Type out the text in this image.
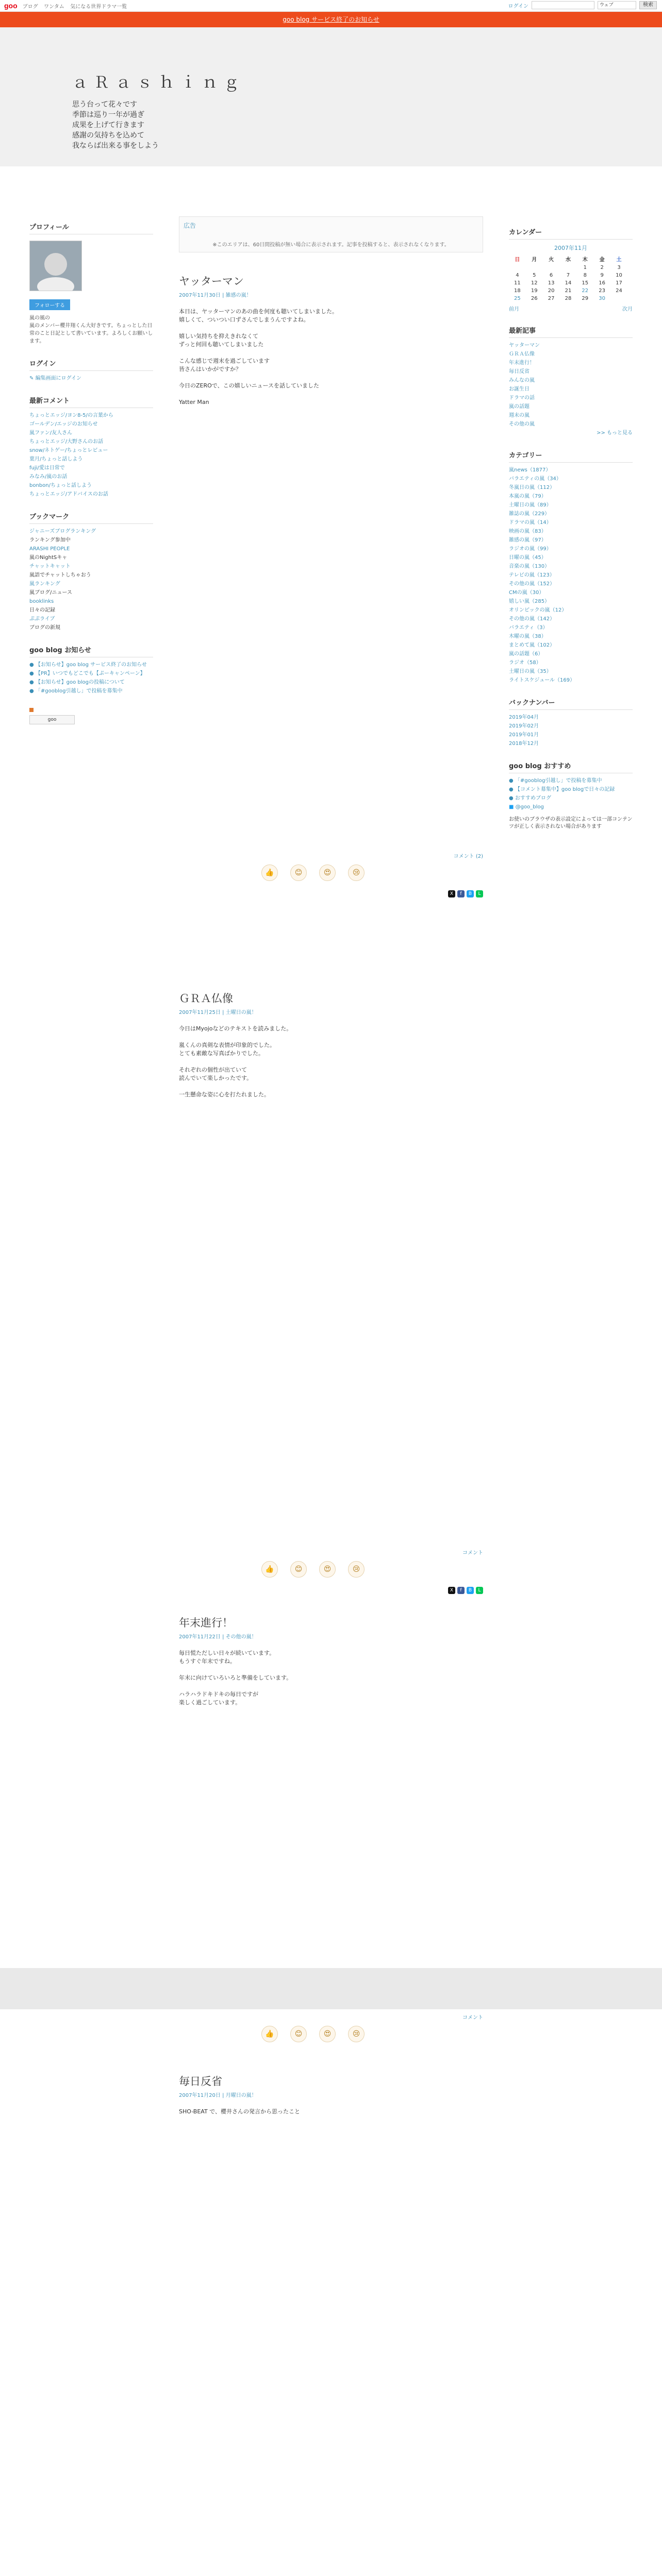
goo ブログ ワンタム 気になる世界ドラマ一覧	ログイン	ウェブ	検索
goo blog サービス終了のお知らせ
ａＲａｓｈｉｎｇ
思う台って花々です
季節は巡り一年が過ぎ
成果を上げて行きます
感謝の気持ちを込めて
我ならば出来る事をしよう
プロフィール
フォローする
嵐の風の
嵐のメンバー櫻井翔くん大好きです。ちょっとした日常のこと日記として書いています。よろしくお願いします。
ログイン
✎ 編集画面にログイン
最新コメント
ちょっとエッジ/ヨン8-5/の言葉から
ゴールデン/エッジのお知らせ
嵐ファン/友人さん
ちょっとエッジ/大野さんのお話
snow/ネトゲー/ちょっとレビュー
葉月/ちょっと話しよう
fuji/愛は日常で
みなみ/嵐のお話
bonbon/ちょっと話しよう
ちょっとエッジ/アドバイスのお話
ブックマーク
ジャニーズブログランキング
ランキング参加中
ARASHI PEOPLE
嵐のNightSキャ
チャットキャット
嵐語でチャットしちゃおう
嵐ランキング
嵐ブログ/ニュース
booklinks
日々の記録
ぷぷライブ
ブログの新規
goo blog お知らせ
● 【お知らせ】goo blog サービス終了のお知らせ
● 【PR】いつでもどこでも【ぷーキャンペーン】
● 【お知らせ】goo blogの投稿について
● 「#gooblog引越し」で投稿を募集中
goo
広告
※このエリアは、60日間投稿が無い場合に表示されます。記事を投稿すると、表示されなくなります。
ヤッターマン
2007年11月30日 | 雑感の嵐！

本日は、ヤッターマンのあの曲を何度も聴いてしまいました。
嬉しくて、ついつい口ずさんでしまうんですよね。

嬉しい気持ちを抑えきれなくて
ずっと何回も聴いてしまいました

こんな感じで週末を過ごしています
皆さんはいかがですか？

今日のZEROで、この嬉しいニュースを話していました

Yatter Man

コメント (2)
👍	😊	😍	😢
X	f	B	L
ＧＲＡ仏像
2007年11月25日 | 土曜日の嵐！

今日はMyojoなどのテキストを読みました。

嵐くんの真剣な表情が印象的でした。
とても素敵な写真ばかりでした。

それぞれの個性が出ていて
読んでいて楽しかったです。

一生懸命な姿に心を打たれました。

コメント
👍	😊	😍	😢
X	f	B	L
年末進行！
2007年11月22日 | その他の嵐！

毎日慌ただしい日々が続いています。
もうすぐ年末ですね。

年末に向けていろいろと準備をしています。

ハラハラドキドキの毎日ですが
楽しく過ごしています。

コメント
👍	😊	😍	😢
毎日反省
2007年11月20日 | 月曜日の嵐！

SHO-BEAT で、櫻井さんの発言から思ったこと

カレンダー
2007年11月
日	月	火	水	木	金	土
				1	2	3
4	5	6	7	8	9	10
11	12	13	14	15	16	17
18	19	20	21	22	23	24
25	26	27	28	29	30	
前月	次月
最新記事
ヤッターマン
ＧＲＡ仏像
年末進行！
毎日反省
みんなの嵐
お誕生日
ドラマの話
嵐の話題
週末の嵐
その他の嵐
>> もっと見る
カテゴリー
嵐news（1877）
バラエティの嵐（34）
冬嵐日の嵐（112）
本嵐の嵐（79）
土曜日の嵐（89）
雑誌の嵐（229）
ドラマの嵐（14）
映画の嵐（83）
雑感の嵐（97）
ラジオの嵐（99）
日曜の嵐（45）
音楽の嵐（130）
テレビの嵐（123）
その他の嵐（152）
CMの嵐（30）
嬉しい嵐（285）
オリンピックの嵐（12）
その他の嵐（142）
バラエティ（3）
木曜の嵐（38）
まとめて嵐（102）
嵐の話題（6）
ラジオ（58）
土曜日の嵐（35）
ライトスケジュール（169）
バックナンバー
2019年04月
2019年02月
2019年01月
2018年12月
goo blog おすすめ
● 「#gooblog引越し」で投稿を募集中
● 【コメント募集中】goo blogで日々の記録
● おすすめブログ
■ @goo_blog
お使いのブラウザの表示設定によっては一部コンテンツが正しく表示されない場合があります
